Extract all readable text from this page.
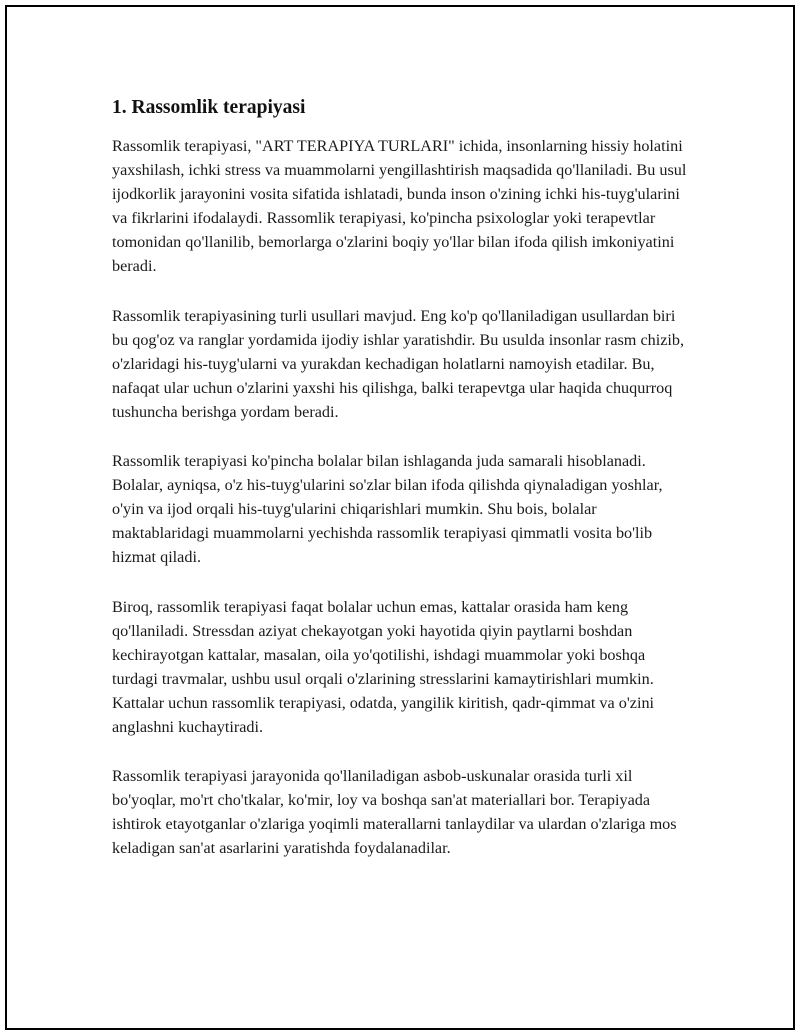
1. Rassomlik terapiyasi

Rassomlik terapiyasi, "ART TERAPIYA TURLARI" ichida, insonlarning hissiy holatini yaxshilash, ichki stress va muammolarni yengillashtirish maqsadida qo'llaniladi. Bu usul ijodkorlik jarayonini vosita sifatida ishlatadi, bunda inson o'zining ichki his-tuyg'ularini va fikrlarini ifodalaydi. Rassomlik terapiyasi, ko'pincha psixologlar yoki terapevtlar tomonidan qo'llanilib, bemorlarga o'zlarini boqiy yo'llar bilan ifoda qilish imkoniyatini beradi.

Rassomlik terapiyasining turli usullari mavjud. Eng ko'p qo'llaniladigan usullardan biri bu qog'oz va ranglar yordamida ijodiy ishlar yaratishdir. Bu usulda insonlar rasm chizib, o'zlaridagi his-tuyg'ularni va yurakdan kechadigan holatlarni namoyish etadilar. Bu, nafaqat ular uchun o'zlarini yaxshi his qilishga, balki terapevtga ular haqida chuqurroq tushuncha berishga yordam beradi.

Rassomlik terapiyasi ko'pincha bolalar bilan ishlaganda juda samarali hisoblanadi. Bolalar, ayniqsa, o'z his-tuyg'ularini so'zlar bilan ifoda qilishda qiynaladigan yoshlar, o'yin va ijod orqali his-tuyg'ularini chiqarishlari mumkin. Shu bois, bolalar maktablaridagi muammolarni yechishda rassomlik terapiyasi qimmatli vosita bo'lib hizmat qiladi.

Biroq, rassomlik terapiyasi faqat bolalar uchun emas, kattalar orasida ham keng qo'llaniladi. Stressdan aziyat chekayotgan yoki hayotida qiyin paytlarni boshdan kechirayotgan kattalar, masalan, oila yo'qotilishi, ishdagi muammolar yoki boshqa turdagi travmalar, ushbu usul orqali o'zlarining stresslarini kamaytirishlari mumkin. Kattalar uchun rassomlik terapiyasi, odatda, yangilik kiritish, qadr-qimmat va o'zini anglashni kuchaytiradi.

Rassomlik terapiyasi jarayonida qo'llaniladigan asbob-uskunalar orasida turli xil bo'yoqlar, mo'rt cho'tkalar, ko'mir, loy va boshqa san'at materiallari bor. Terapiyada ishtirok etayotganlar o'zlariga yoqimli materallarni tanlaydilar va ulardan o'zlariga mos keladigan san'at asarlarini yaratishda foydalanadilar.
